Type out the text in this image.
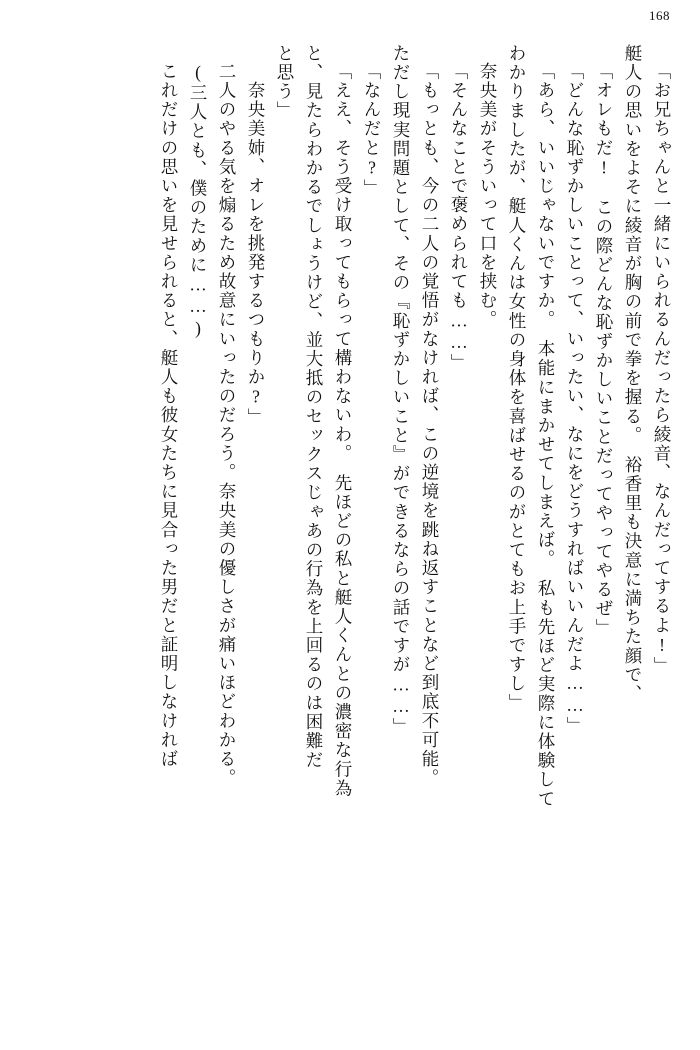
168
「お兄ちゃんと一緒にいられるんだったら綾音、なんだってするよ!」
艇人の思いをよそに綾音が胸の前で拳を握る。　裕香里も決意に満ちた顔で、
「オレもだ!　この際どんな恥ずかしいことだってやってやるぜ」
「どんな恥ずかしいことって、いったい、なにをどうすればいいんだよ……」
「あら、いいじゃないですか。　本能にまかせてしまえば。　私も先ほど実際に体験して
わかりましたが、艇人くんは女性の身体を喜ばせるのがとてもお上手ですし」
奈央美がそういって口を挟む。
「そんなことで褒められても……」
「もっとも、今の二人の覚悟がなければ、この逆境を跳ね返すことなど到底不可能。
ただし現実問題として、その『恥ずかしいこと』ができるならの話ですが……」
「なんだと?」
「ええ、そう受け取ってもらって構わないわ。　先ほどの私と艇人くんとの濃密な行為
と、見たらわかるでしょうけど、並大抵のセックスじゃあの行為を上回るのは困難だ
と思う」
　奈央美姉、オレを挑発するつもりか?」
二人のやる気を煽るため故意にいったのだろう。奈央美の優しさが痛いほどわかる。
(三人とも、僕のために……)
これだけの思いを見せられると、艇人も彼女たちに見合った男だと証明しなければ
